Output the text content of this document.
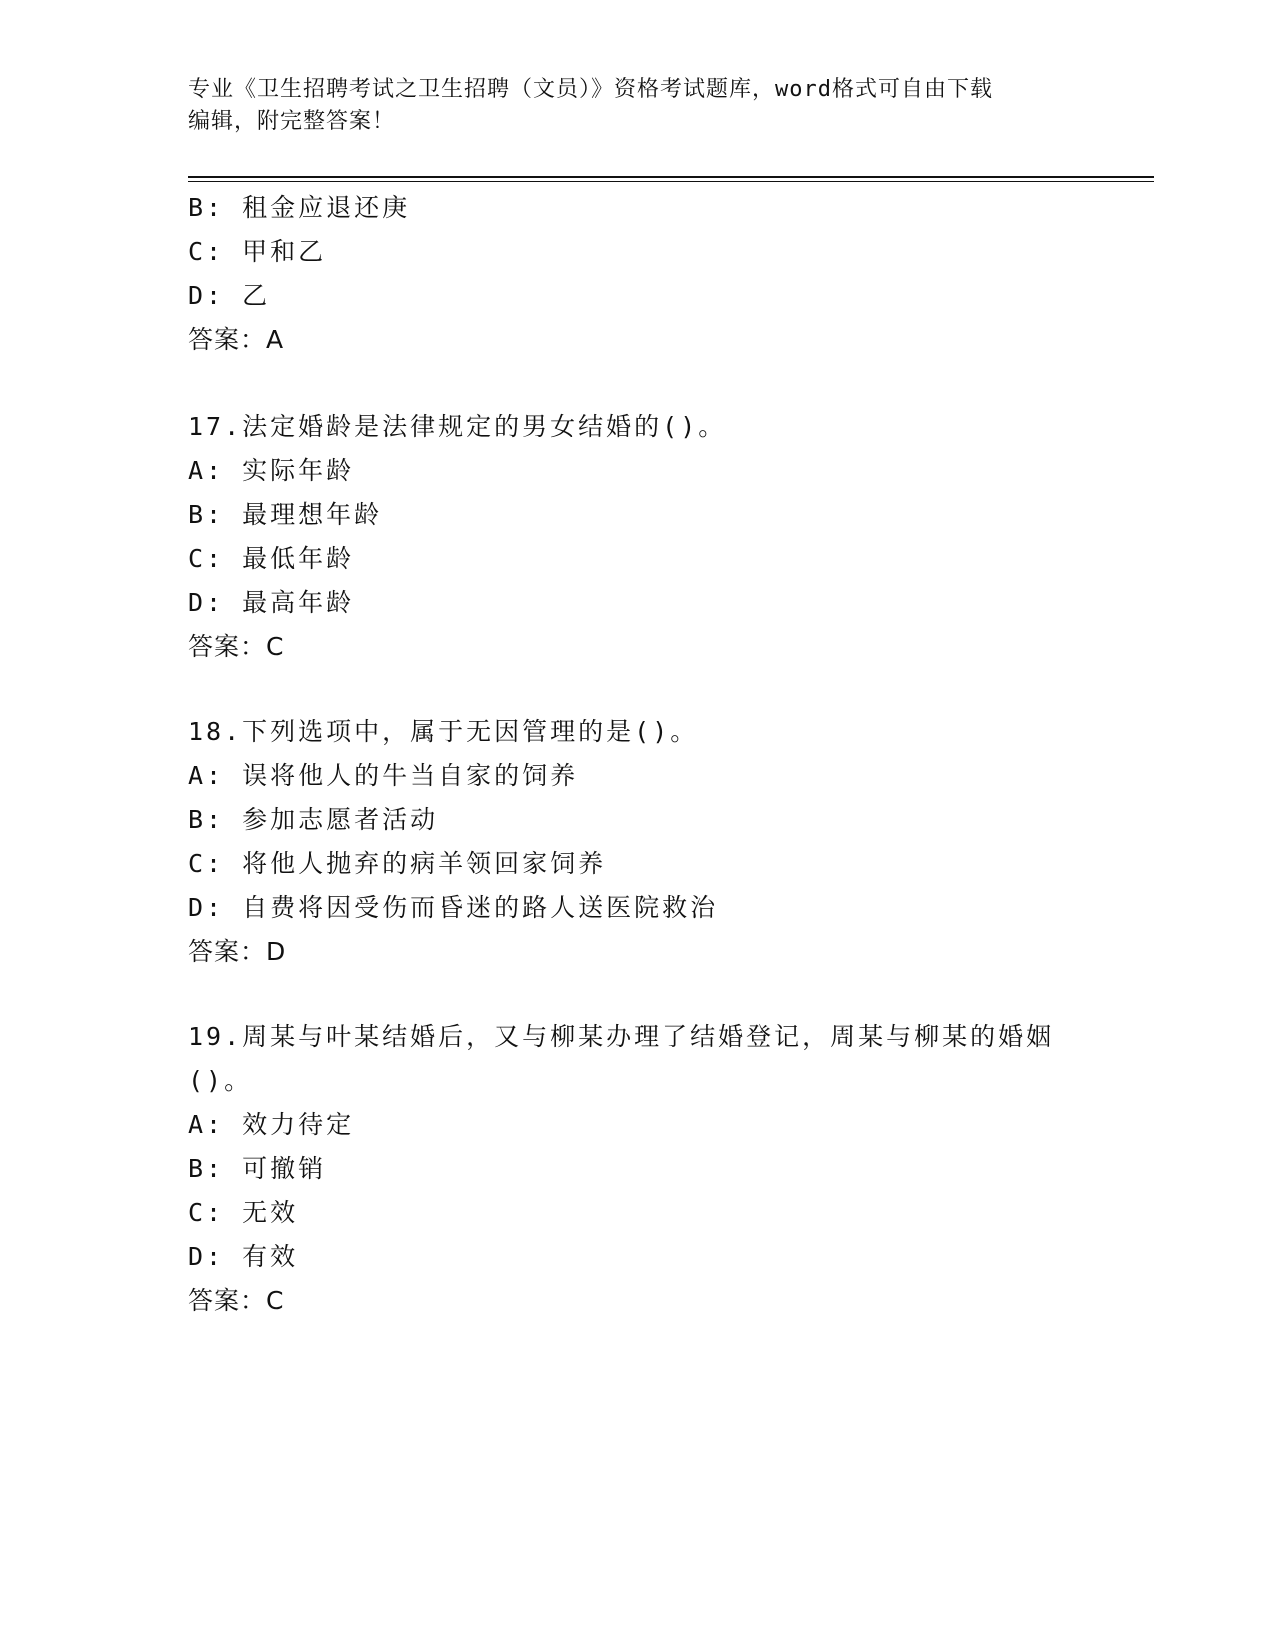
专业《卫生招聘考试之卫生招聘（文员）》资格考试题库，word格式可自由下载
编辑，附完整答案！
B: 租金应退还庚
C: 甲和乙
D: 乙
答案：A
17.法定婚龄是法律规定的男女结婚的()。
A: 实际年龄
B: 最理想年龄
C: 最低年龄
D: 最高年龄
答案：C
18.下列选项中，属于无因管理的是()。
A: 误将他人的牛当自家的饲养
B: 参加志愿者活动
C: 将他人抛弃的病羊领回家饲养
D: 自费将因受伤而昏迷的路人送医院救治
答案：D
19.周某与叶某结婚后，又与柳某办理了结婚登记，周某与柳某的婚姻
()。
A: 效力待定
B: 可撤销
C: 无效
D: 有效
答案：C
